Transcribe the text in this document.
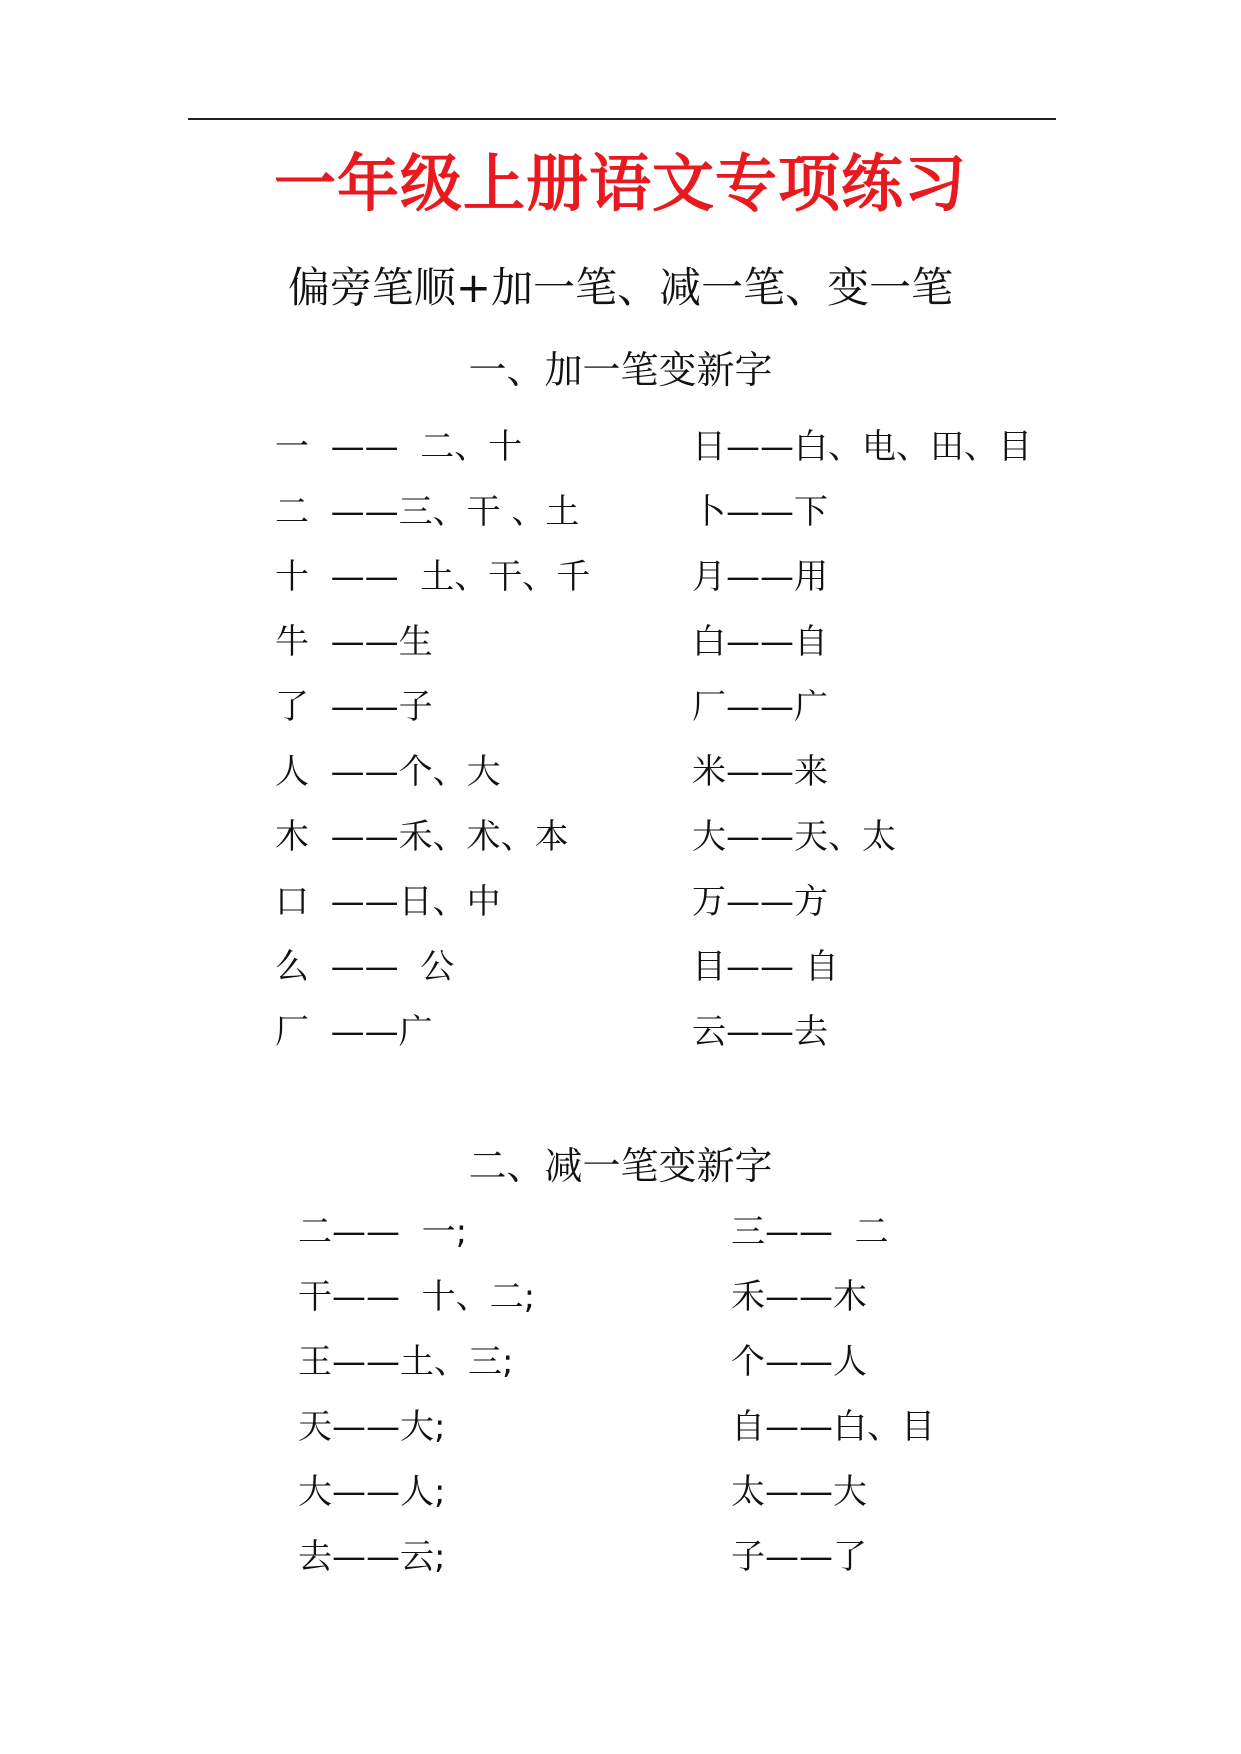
一年级上册语文专项练习
偏旁笔顺+加一笔、减一笔、变一笔
一、加一笔变新字
一  ——  二、十
二  ——三、干 、土
十  ——  土、干、千
牛  ——生
了  ——子
人  ——个、大
木  ——禾、术、本
口  ——日、中
么  ——  公
厂  ——广
日——白、电、田、目
卜——下
月——用
白——自
厂——广
米——来
大——天、太
万——方
目—— 自
云——去
二、减一笔变新字
二——  一;
干——  十、二;
王——土、三;
天——大;
大——人;
去——云;
三——  二
禾——木
个——人
自——白、目
太——大
子——了
